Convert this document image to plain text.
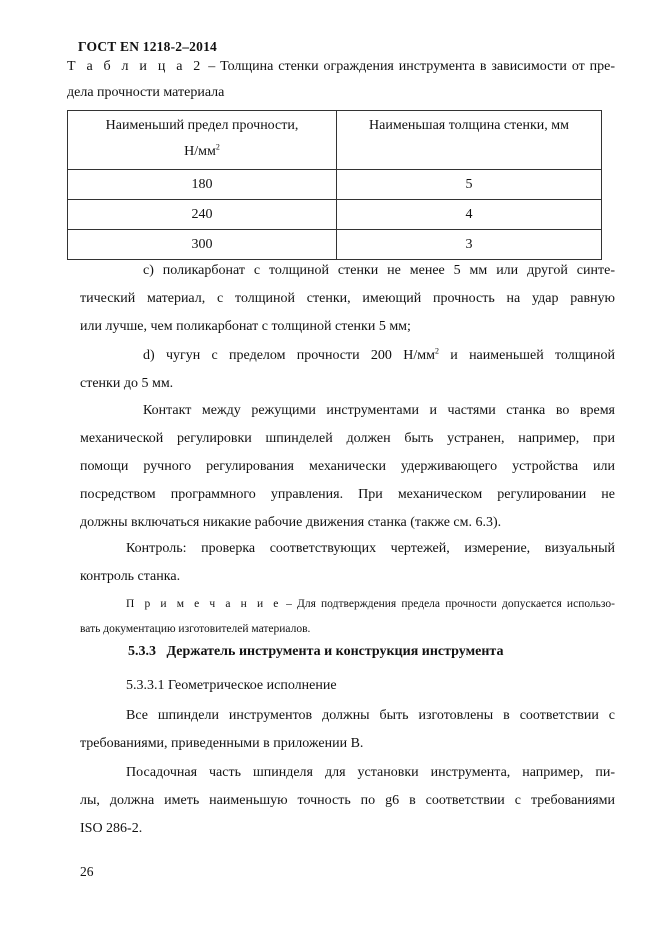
ГОСТ EN 1218-2–2014
Т а б л и ц а 2 – Толщина стенки ограждения инструмента в зависимости от пре-
дела прочности материала
Наименьший предел прочности,
$Н/мм^2$	Наименьшая толщина стенки, мм
180	5
240	4
300	3
с) поликарбонат с толщиной стенки не менее 5 мм или другой синте-
тический материал, с толщиной стенки, имеющий прочность на удар равную
или лучше, чем поликарбонат с толщиной стенки 5 мм;
d) чугун с пределом прочности 200 $Н/мм^2$ и наименьшей толщиной
стенки до 5 мм.
Контакт между режущими инструментами и частями станка во время
механической регулировки шпинделей должен быть устранен, например, при
помощи ручного регулирования механически удерживающего устройства или
посредством программного управления. При механическом регулировании не
должны включаться никакие рабочие движения станка (также см. 6.3).
Контроль: проверка соответствующих чертежей, измерение, визуальный
контроль станка.
П р и м е ч а н и е – Для подтверждения предела прочности допускается использо-
вать документацию изготовителей материалов.
5.3.3 Держатель инструмента и конструкция инструмента
5.3.3.1 Геометрическое исполнение
Все шпиндели инструментов должны быть изготовлены в соответствии с
требованиями, приведенными в приложении В.
Посадочная часть шпинделя для установки инструмента, например, пи-
лы, должна иметь наименьшую точность по g6 в соответствии с требованиями
ISO 286-2.
26
